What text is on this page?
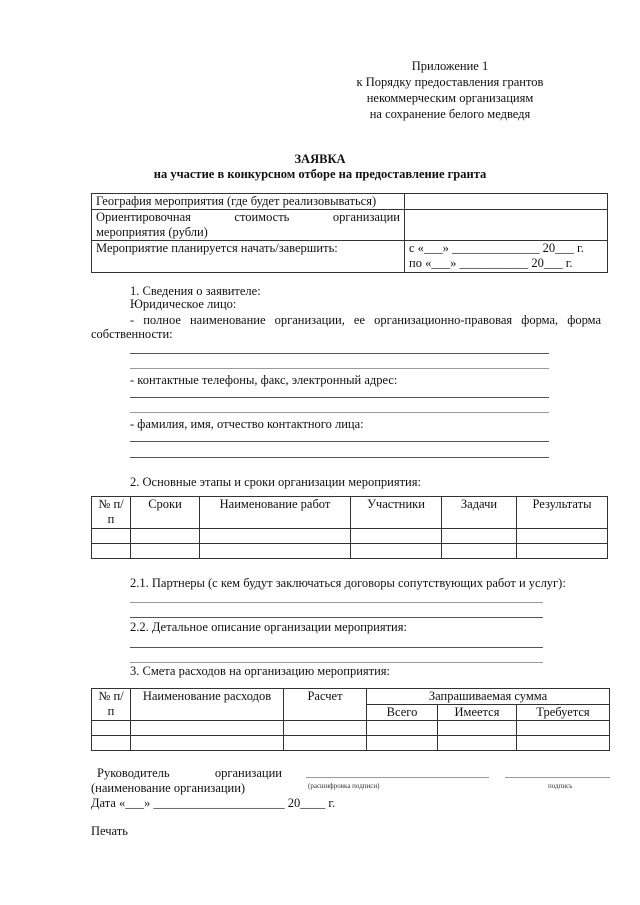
Приложение 1
к Порядку предоставления грантов
некоммерческим организациям
на сохранение белого медведя
ЗАЯВКА
на участие в конкурсном отборе на предоставление гранта
География мероприятия (где будет реализовываться)	

Ориентировочная стоимость организации
мероприятия (рубли)	

Мероприятие планируется начать/завершить:	с «___» ______________ 20___ г.
по «___» ___________ 20___ г.
1. Сведения о заявителе:
Юридическое лицо:
- полное наименование организации, ее организационно-правовая форма, форма
собственности:
- контактные телефоны, факс, электронный адрес:
- фамилия, имя, отчество контактного лица:
2. Основные этапы и сроки организации мероприятия:
№ п/п	Сроки	Наименование работ	Участники	Задачи	Результаты

2.1. Партнеры (с кем будут заключаться договоры сопутствующих работ и услуг):
2.2. Детальное описание организации мероприятия:
3. Смета расходов на организацию мероприятия:
№ п/п	Наименование расходов	Расчет	Запрашиваемая сумма		
			Всего	Имеется	Требуется

Руководитель организации
(наименование организации)	(расшифровка подписи)	подпись
Дата «___» _____________________ 20____ г.
Печать
